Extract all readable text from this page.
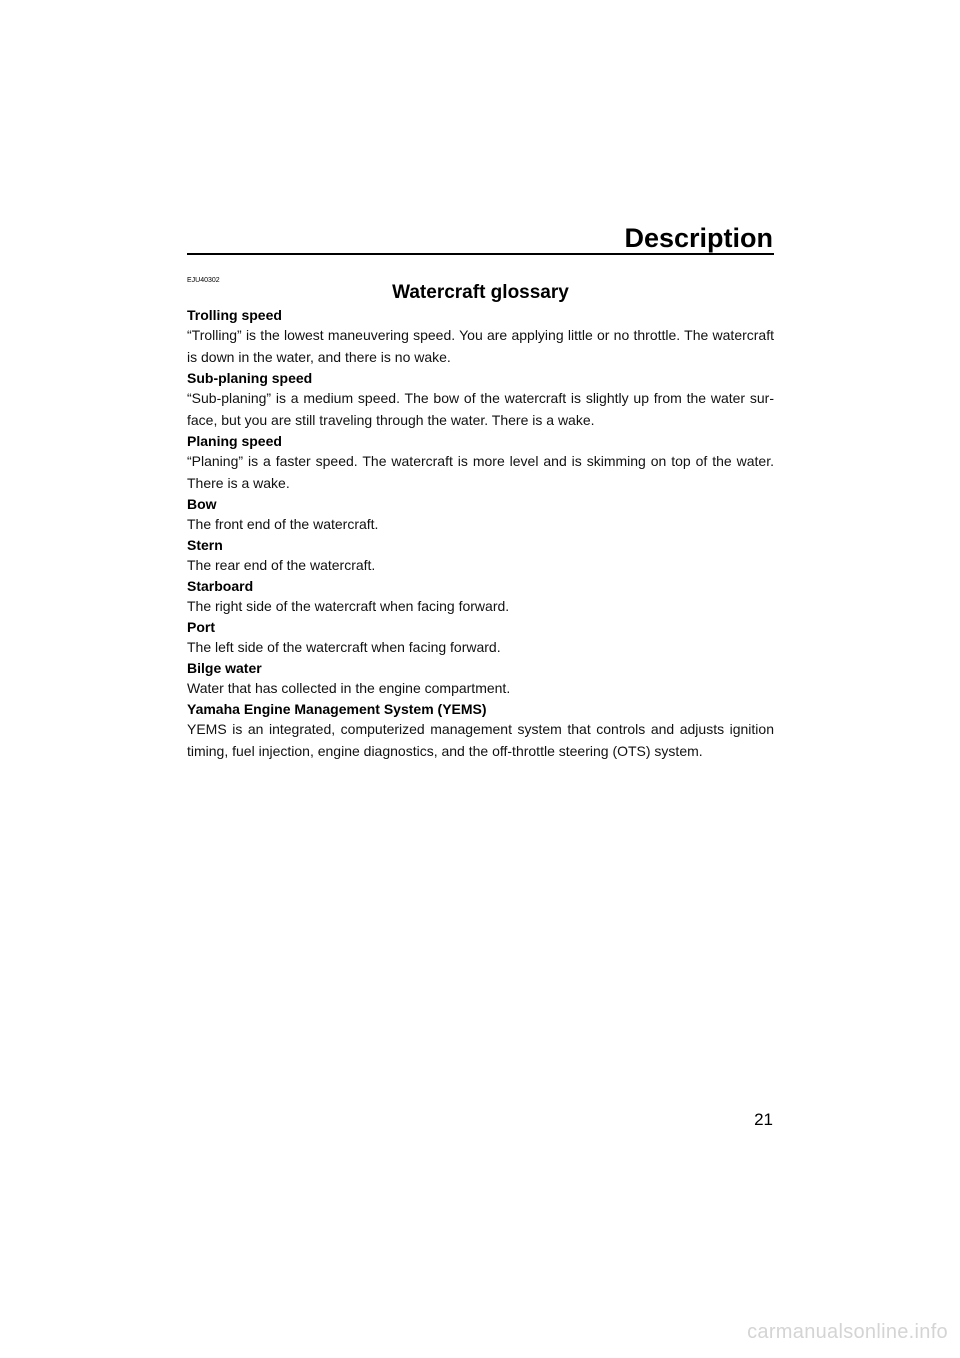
Description
EJU40302
Watercraft glossary

Trolling speed

“Trolling” is the lowest maneuvering speed. You are applying little or no throttle. The watercraft is down in the water, and there is no wake.

Sub-planing speed

“Sub-planing” is a medium speed. The bow of the watercraft is slightly up from the water sur-face, but you are still traveling through the water. There is a wake.

Planing speed

“Planing” is a faster speed. The watercraft is more level and is skimming on top of the water. There is a wake.

Bow

The front end of the watercraft.

Stern

The rear end of the watercraft.

Starboard

The right side of the watercraft when facing forward.

Port

The left side of the watercraft when facing forward.

Bilge water

Water that has collected in the engine compartment.

Yamaha Engine Management System (YEMS)

YEMS is an integrated, computerized management system that controls and adjusts ignition timing, fuel injection, engine diagnostics, and the off-throttle steering (OTS) system.

21
carmanualsonline.info
